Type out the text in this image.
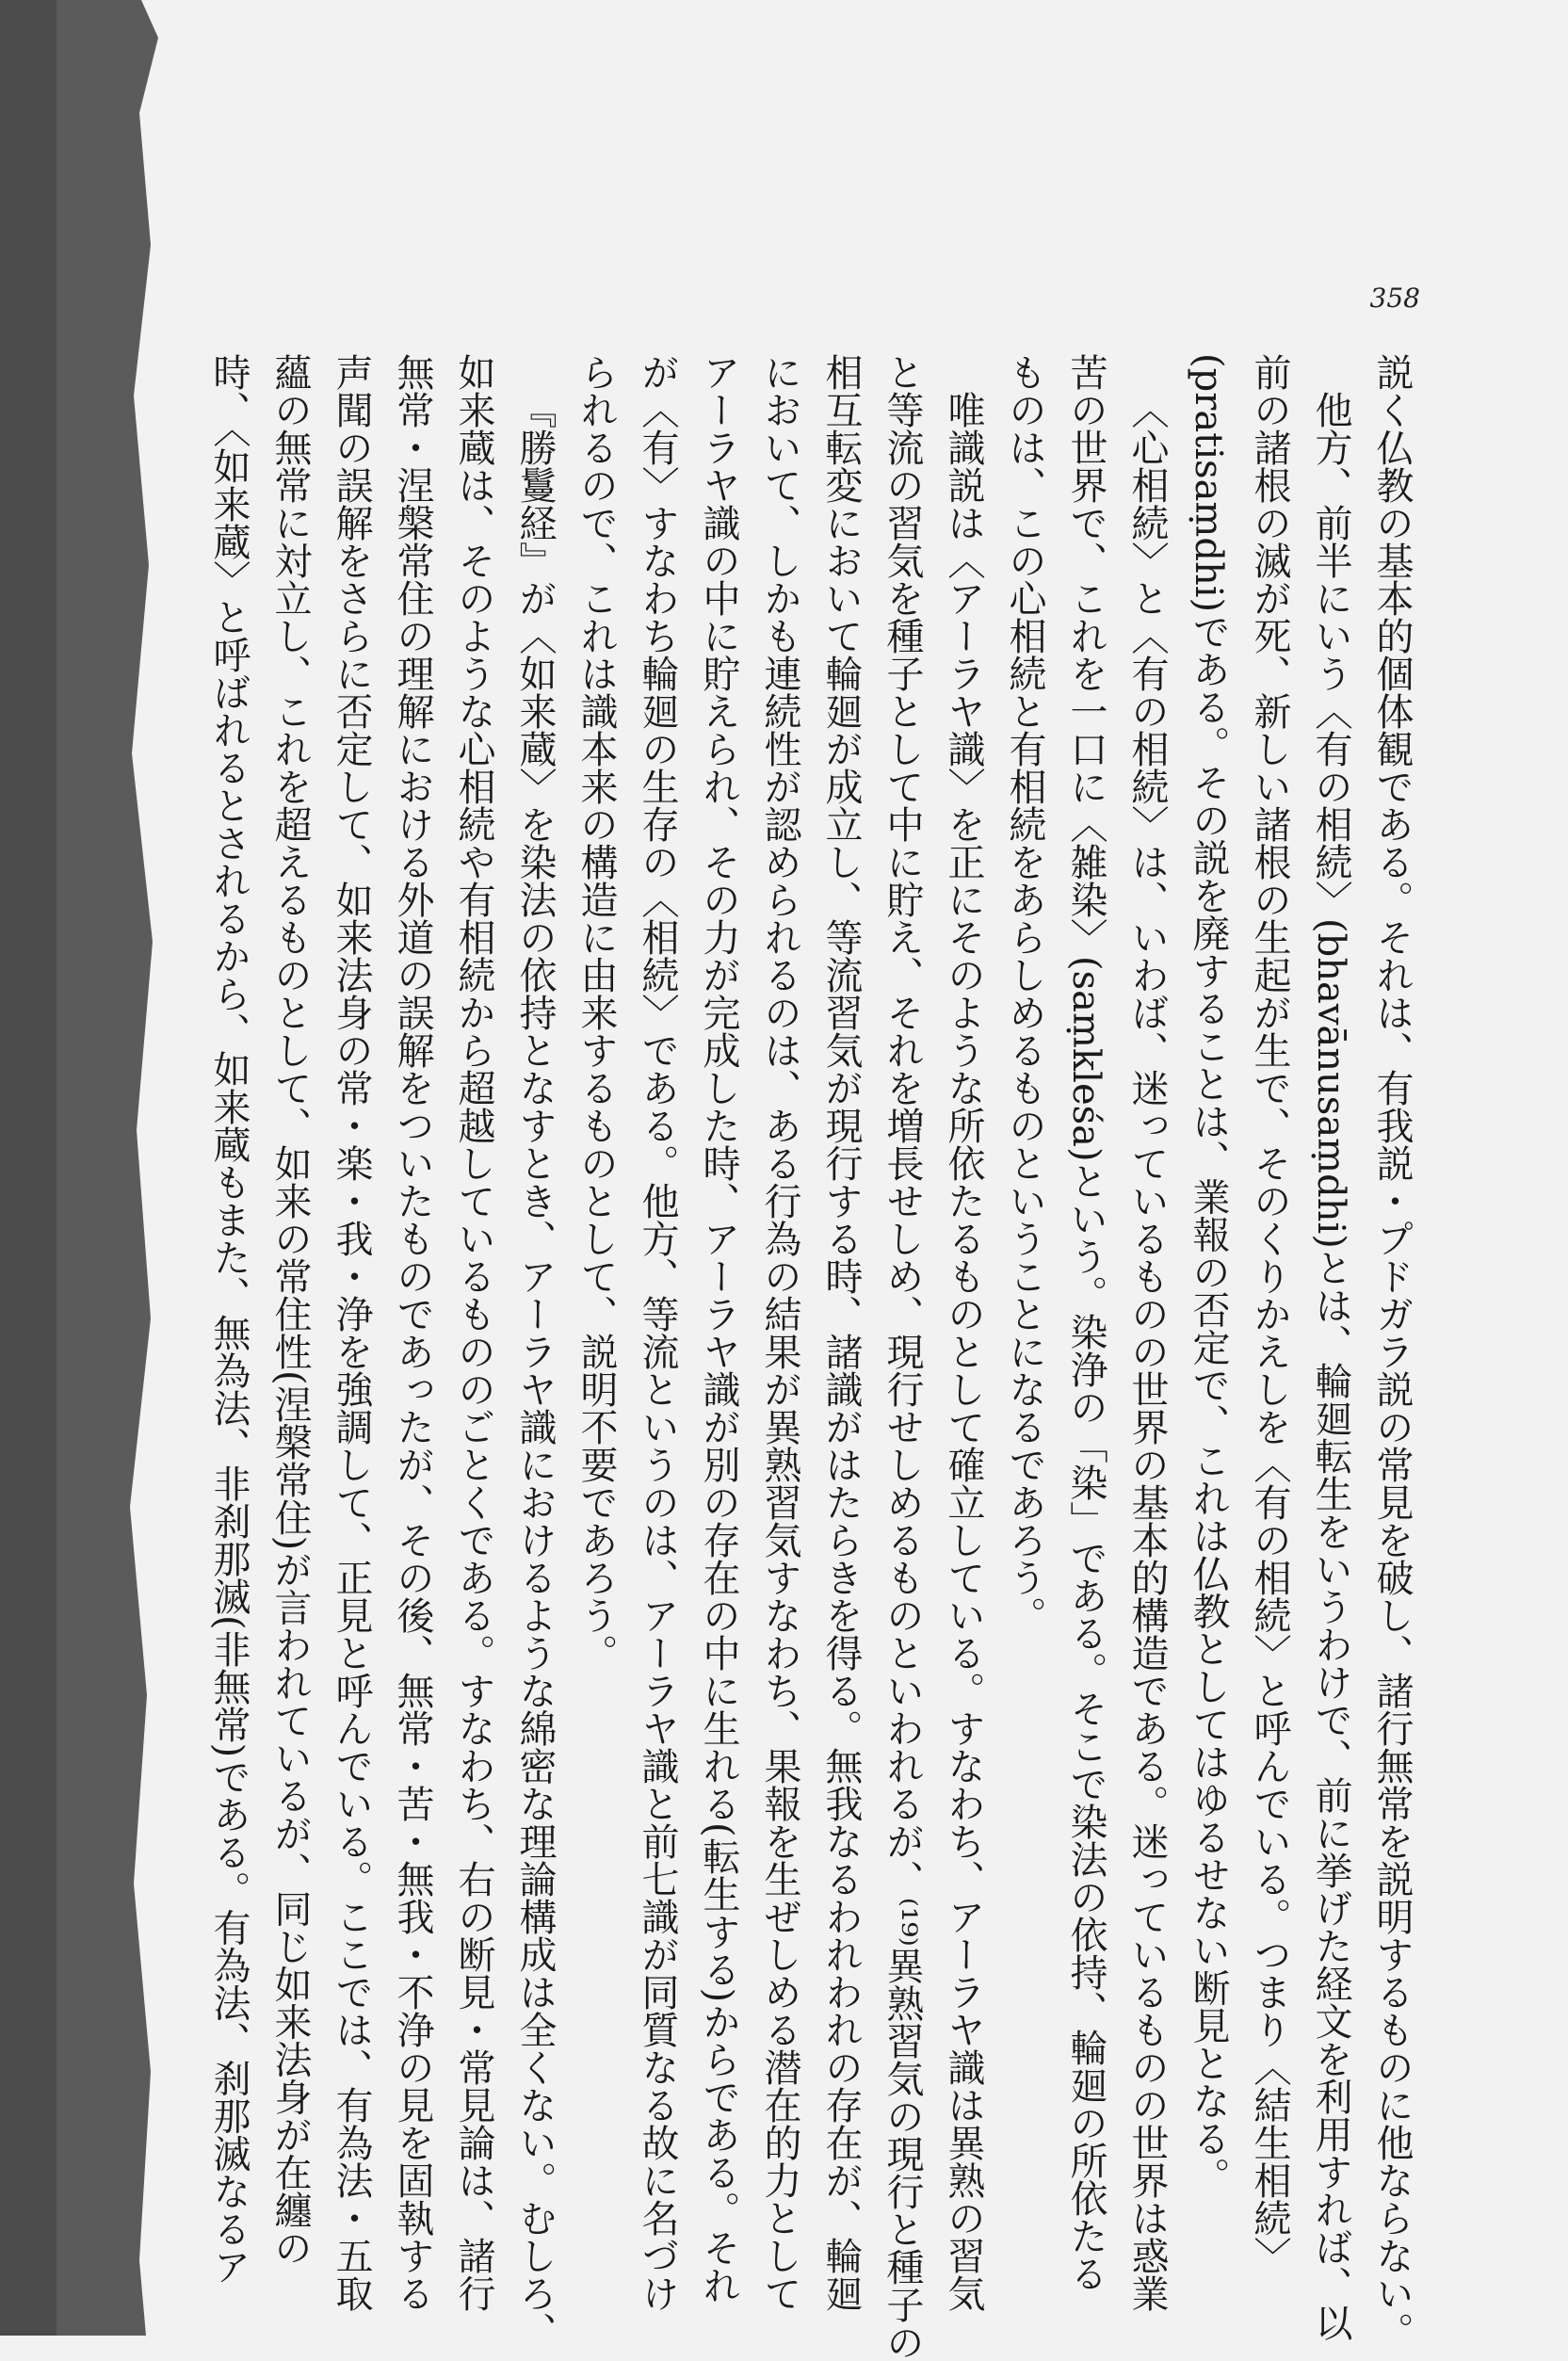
358
説く仏教の基本的個体観である。それは、有我説・プドガラ説の常見を破し、諸行無常を説明するものに他ならない。
他方、前半にいう〈有の相続〉(bhavānusaṃdhi)とは、輪廻転生をいうわけで、前に挙げた経文を利用すれば、以
前の諸根の滅が死、新しい諸根の生起が生で、そのくりかえしを〈有の相続〉と呼んでいる。つまり〈結生相続〉
(pratisaṃdhi)である。その説を廃することは、業報の否定で、これは仏教としてはゆるせない断見となる。
〈心相続〉と〈有の相続〉は、いわば、迷っているものの世界の基本的構造である。迷っているものの世界は惑業
苦の世界で、これを一口に〈雑染〉(saṃkleśa)という。染浄の「染」である。そこで染法の依持、輪廻の所依たる
ものは、この心相続と有相続をあらしめるものということになるであろう。
唯識説は〈アーラヤ識〉を正にそのような所依たるものとして確立している。すなわち、アーラヤ識は異熟の習気
と等流の習気を種子として中に貯え、それを増長せしめ、現行せしめるものといわれるが、⁽¹⁹⁾異熟習気の現行と種子の
相互転変において輪廻が成立し、等流習気が現行する時、諸識がはたらきを得る。無我なるわれわれの存在が、輪廻
において、しかも連続性が認められるのは、ある行為の結果が異熟習気すなわち、果報を生ぜしめる潜在的力として
アーラヤ識の中に貯えられ、その力が完成した時、アーラヤ識が別の存在の中に生れる(転生する)からである。それ
が〈有〉すなわち輪廻の生存の〈相続〉である。他方、等流というのは、アーラヤ識と前七識が同質なる故に名づけ
られるので、これは識本来の構造に由来するものとして、説明不要であろう。
『勝鬘経』が〈如来蔵〉を染法の依持となすとき、アーラヤ識におけるような綿密な理論構成は全くない。むしろ、
如来蔵は、そのような心相続や有相続から超越しているもののごとくである。すなわち、右の断見・常見論は、諸行
無常・涅槃常住の理解における外道の誤解をついたものであったが、その後、無常・苦・無我・不浄の見を固執する
声聞の誤解をさらに否定して、如来法身の常・楽・我・浄を強調して、正見と呼んでいる。ここでは、有為法・五取
蘊の無常に対立し、これを超えるものとして、如来の常住性(涅槃常住)が言われているが、同じ如来法身が在纏の
時、〈如来蔵〉と呼ばれるとされるから、如来蔵もまた、無為法、非刹那滅(非無常)である。有為法、刹那滅なるア
